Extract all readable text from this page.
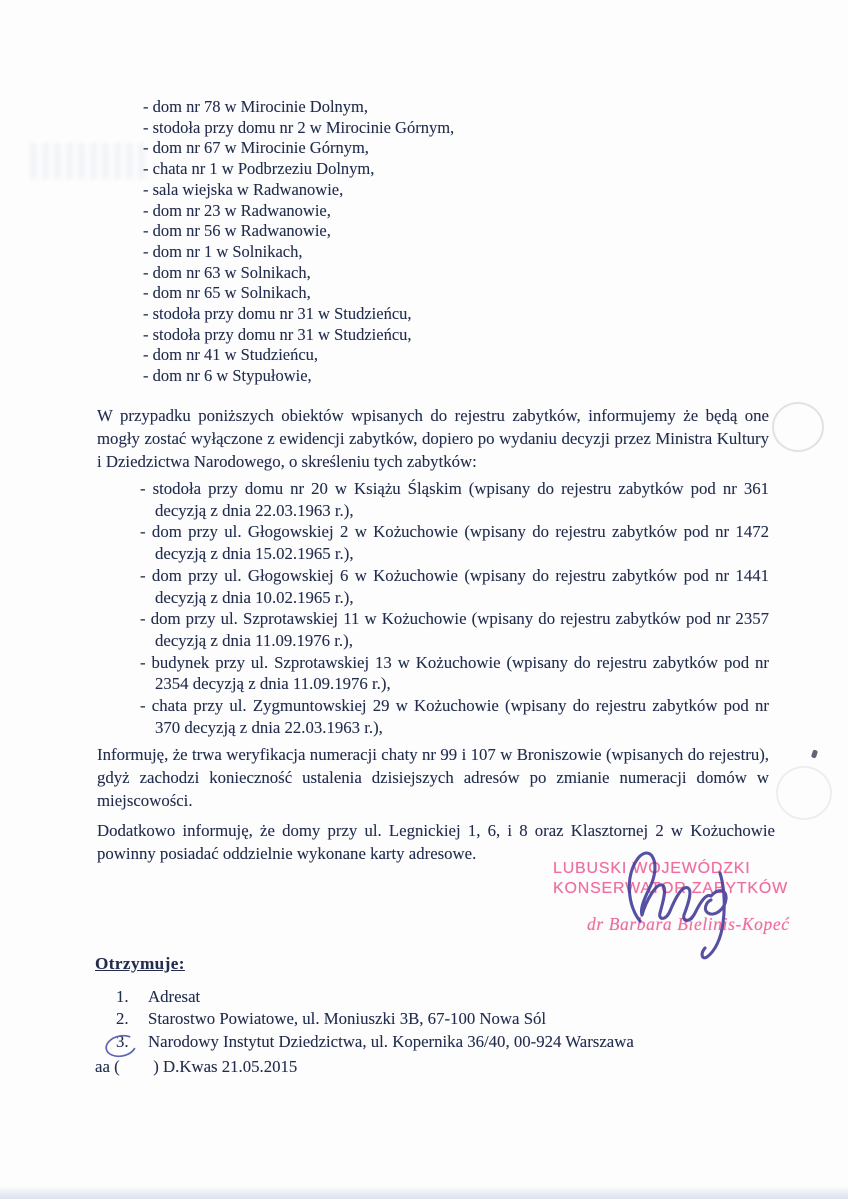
- dom nr 78 w Mirocinie Dolnym,
- stodoła przy domu nr 2 w Mirocinie Górnym,
- dom nr 67 w Mirocinie Górnym,
- chata nr 1 w Podbrzeziu Dolnym,
- sala wiejska w Radwanowie,
- dom nr 23 w Radwanowie,
- dom nr 56 w Radwanowie,
- dom nr 1 w Solnikach,
- dom nr 63 w Solnikach,
- dom nr 65 w Solnikach,
- stodoła przy domu nr 31 w Studzieńcu,
- stodoła przy domu nr 31 w Studzieńcu,
- dom nr 41 w Studzieńcu,
- dom nr 6 w Stypułowie,

W przypadku poniższych obiektów wpisanych do rejestru zabytków, informujemy że będą one mogły zostać wyłączone z ewidencji zabytków, dopiero po wydaniu decyzji przez Ministra Kultury i Dziedzictwa Narodowego, o skreśleniu tych zabytków:

- stodoła przy domu nr 20 w Książu Śląskim (wpisany do rejestru zabytków pod nr 361 decyzją z dnia 22.03.1963 r.),
- dom przy ul. Głogowskiej 2 w Kożuchowie (wpisany do rejestru zabytków pod nr 1472 decyzją z dnia 15.02.1965 r.),
- dom przy ul. Głogowskiej 6 w Kożuchowie (wpisany do rejestru zabytków pod nr 1441 decyzją z dnia 10.02.1965 r.),
- dom przy ul. Szprotawskiej 11 w Kożuchowie (wpisany do rejestru zabytków pod nr 2357 decyzją z dnia 11.09.1976 r.),
- budynek przy ul. Szprotawskiej 13 w Kożuchowie (wpisany do rejestru zabytków pod nr 2354 decyzją z dnia 11.09.1976 r.),
- chata przy ul. Zygmuntowskiej 29 w Kożuchowie (wpisany do rejestru zabytków pod nr 370 decyzją z dnia 22.03.1963 r.),

Informuję, że trwa weryfikacja numeracji chaty nr 99 i 107 w Broniszowie (wpisanych do rejestru), gdyż zachodzi konieczność ustalenia dzisiejszych adresów po zmianie numeracji domów w miejscowości.

Dodatkowo informuję, że domy przy ul. Legnickiej 1, 6, i 8 oraz Klasztornej 2 w Kożuchowie powinny posiadać oddzielnie wykonane karty adresowe.

LUBUSKI WOJEWÓDZKI
KONSERWATOR ZABYTKÓW
dr Barbara Bielinis-Kopeć
Otrzymuje:
1.	Adresat
2.	Starostwo Powiatowe, ul. Moniuszki 3B, 67-100 Nowa Sól
3.	Narodowy Instytut Dziedzictwa, ul. Kopernika 36/40, 00-924 Warszawa
aa (        ) D.Kwas 21.05.2015
